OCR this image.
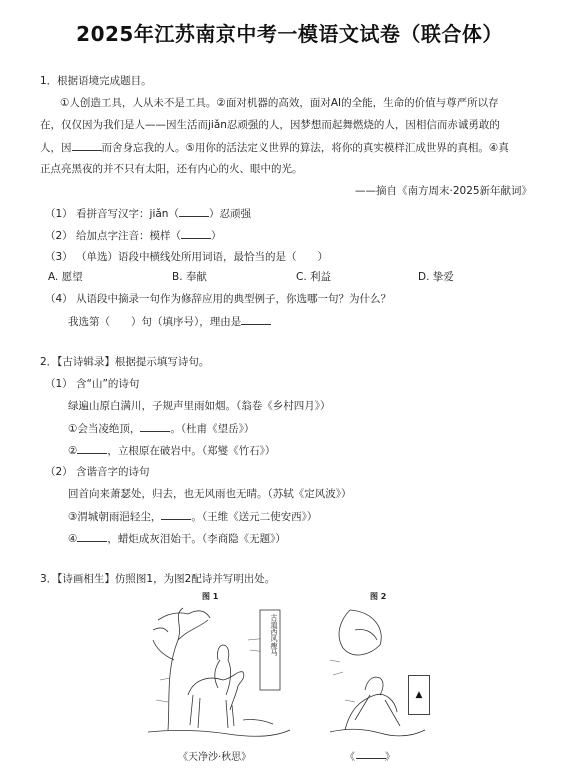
2025年江苏南京中考一模语文试卷（联合体）
1．根据语境完成题目。
①人创造工具，人从未不是工具。②面对机器的高效，面对AI的全能，生命的价值与尊严所以存
在，仅仅因为我们是人——因生活而jiǎn忍顽强的人，因梦想而起舞燃烧的人，因相信而赤诚勇敢的
人，因	而舍身忘我的人。⑤用你的活法定义世界的算法，将你的真实模样汇成世界的真相。④真
正点亮黑夜的并不只有太阳，还有内心的火、眼中的光。
——摘自《南方周末·2025新年献词》
（1） 看拼音写汉字：jiǎn（	）忍顽强
（2） 给加点字注音：模样（	）
（3） （单选）语段中横线处所用词语，最恰当的是（　　）
A. 愿望	B. 奉献	C. 利益	D. 挚爱
（4） 从语段中摘录一句作为修辞应用的典型例子，你选哪一句？为什么？
我选第（　　）句（填序号），理由是
2．【古诗辑录】根据提示填写诗句。
（1） 含“山”的诗句
绿遍山原白满川，子规声里雨如烟。（翁卷《乡村四月》）
①会当凌绝顶，	。（杜甫《望岳》）
②	，立根原在破岩中。（郑燮《竹石》）
（2） 含谐音字的诗句
回首向来萧瑟处，归去，也无风雨也无晴。（苏轼《定风波》）
③渭城朝雨浥轻尘，	。（王维《送元二使安西》）
④	，蜡炬成灰泪始干。（李商隐《无题》）
3．【诗画相生】仿照图1，为图2配诗并写明出处。
图 1	图 2
古道西风瘦马
▲
《天净沙·秋思》	《　　　》
